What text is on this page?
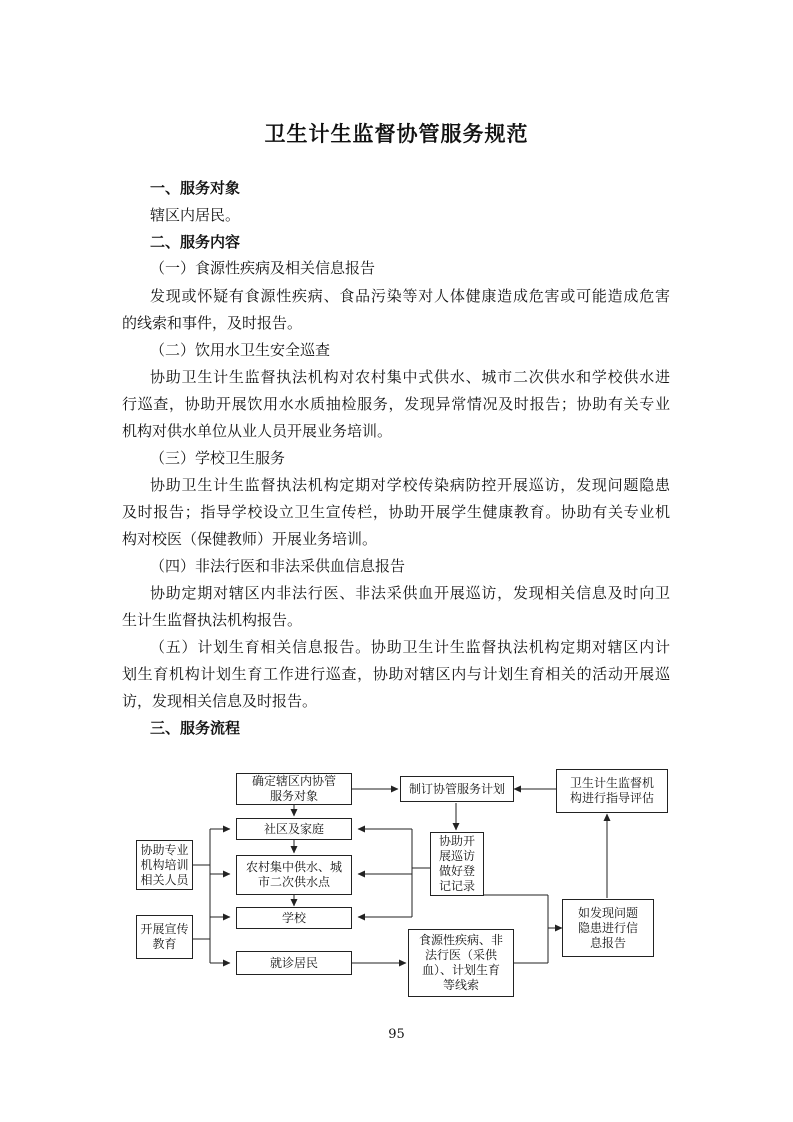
卫生计生监督协管服务规范
一、服务对象
辖区内居民。
二、服务内容
（一）食源性疾病及相关信息报告
发现或怀疑有食源性疾病、食品污染等对人体健康造成危害或可能造成危害
的线索和事件，及时报告。
（二）饮用水卫生安全巡查
协助卫生计生监督执法机构对农村集中式供水、城市二次供水和学校供水进
行巡查，协助开展饮用水水质抽检服务，发现异常情况及时报告；协助有关专业
机构对供水单位从业人员开展业务培训。
（三）学校卫生服务
协助卫生计生监督执法机构定期对学校传染病防控开展巡访，发现问题隐患
及时报告；指导学校设立卫生宣传栏，协助开展学生健康教育。协助有关专业机
构对校医（保健教师）开展业务培训。
（四）非法行医和非法采供血信息报告
协助定期对辖区内非法行医、非法采供血开展巡访，发现相关信息及时向卫
生计生监督执法机构报告。
（五）计划生育相关信息报告。协助卫生计生监督执法机构定期对辖区内计
划生育机构计划生育工作进行巡查，协助对辖区内与计划生育相关的活动开展巡
访，发现相关信息及时报告。
三、服务流程
确定辖区内协管
服务对象
制订协管服务计划	卫生计生监督机
构进行指导评估
社区及家庭
协助专业
机构培训
相关人员
农村集中供水、城
市二次供水点
协助开
展巡访
做好登
记记录
学校
开展宣传
教育
如发现问题
隐患进行信
息报告
就诊居民
食源性疾病、非
法行医（采供
血）、计划生育
等线索
95
